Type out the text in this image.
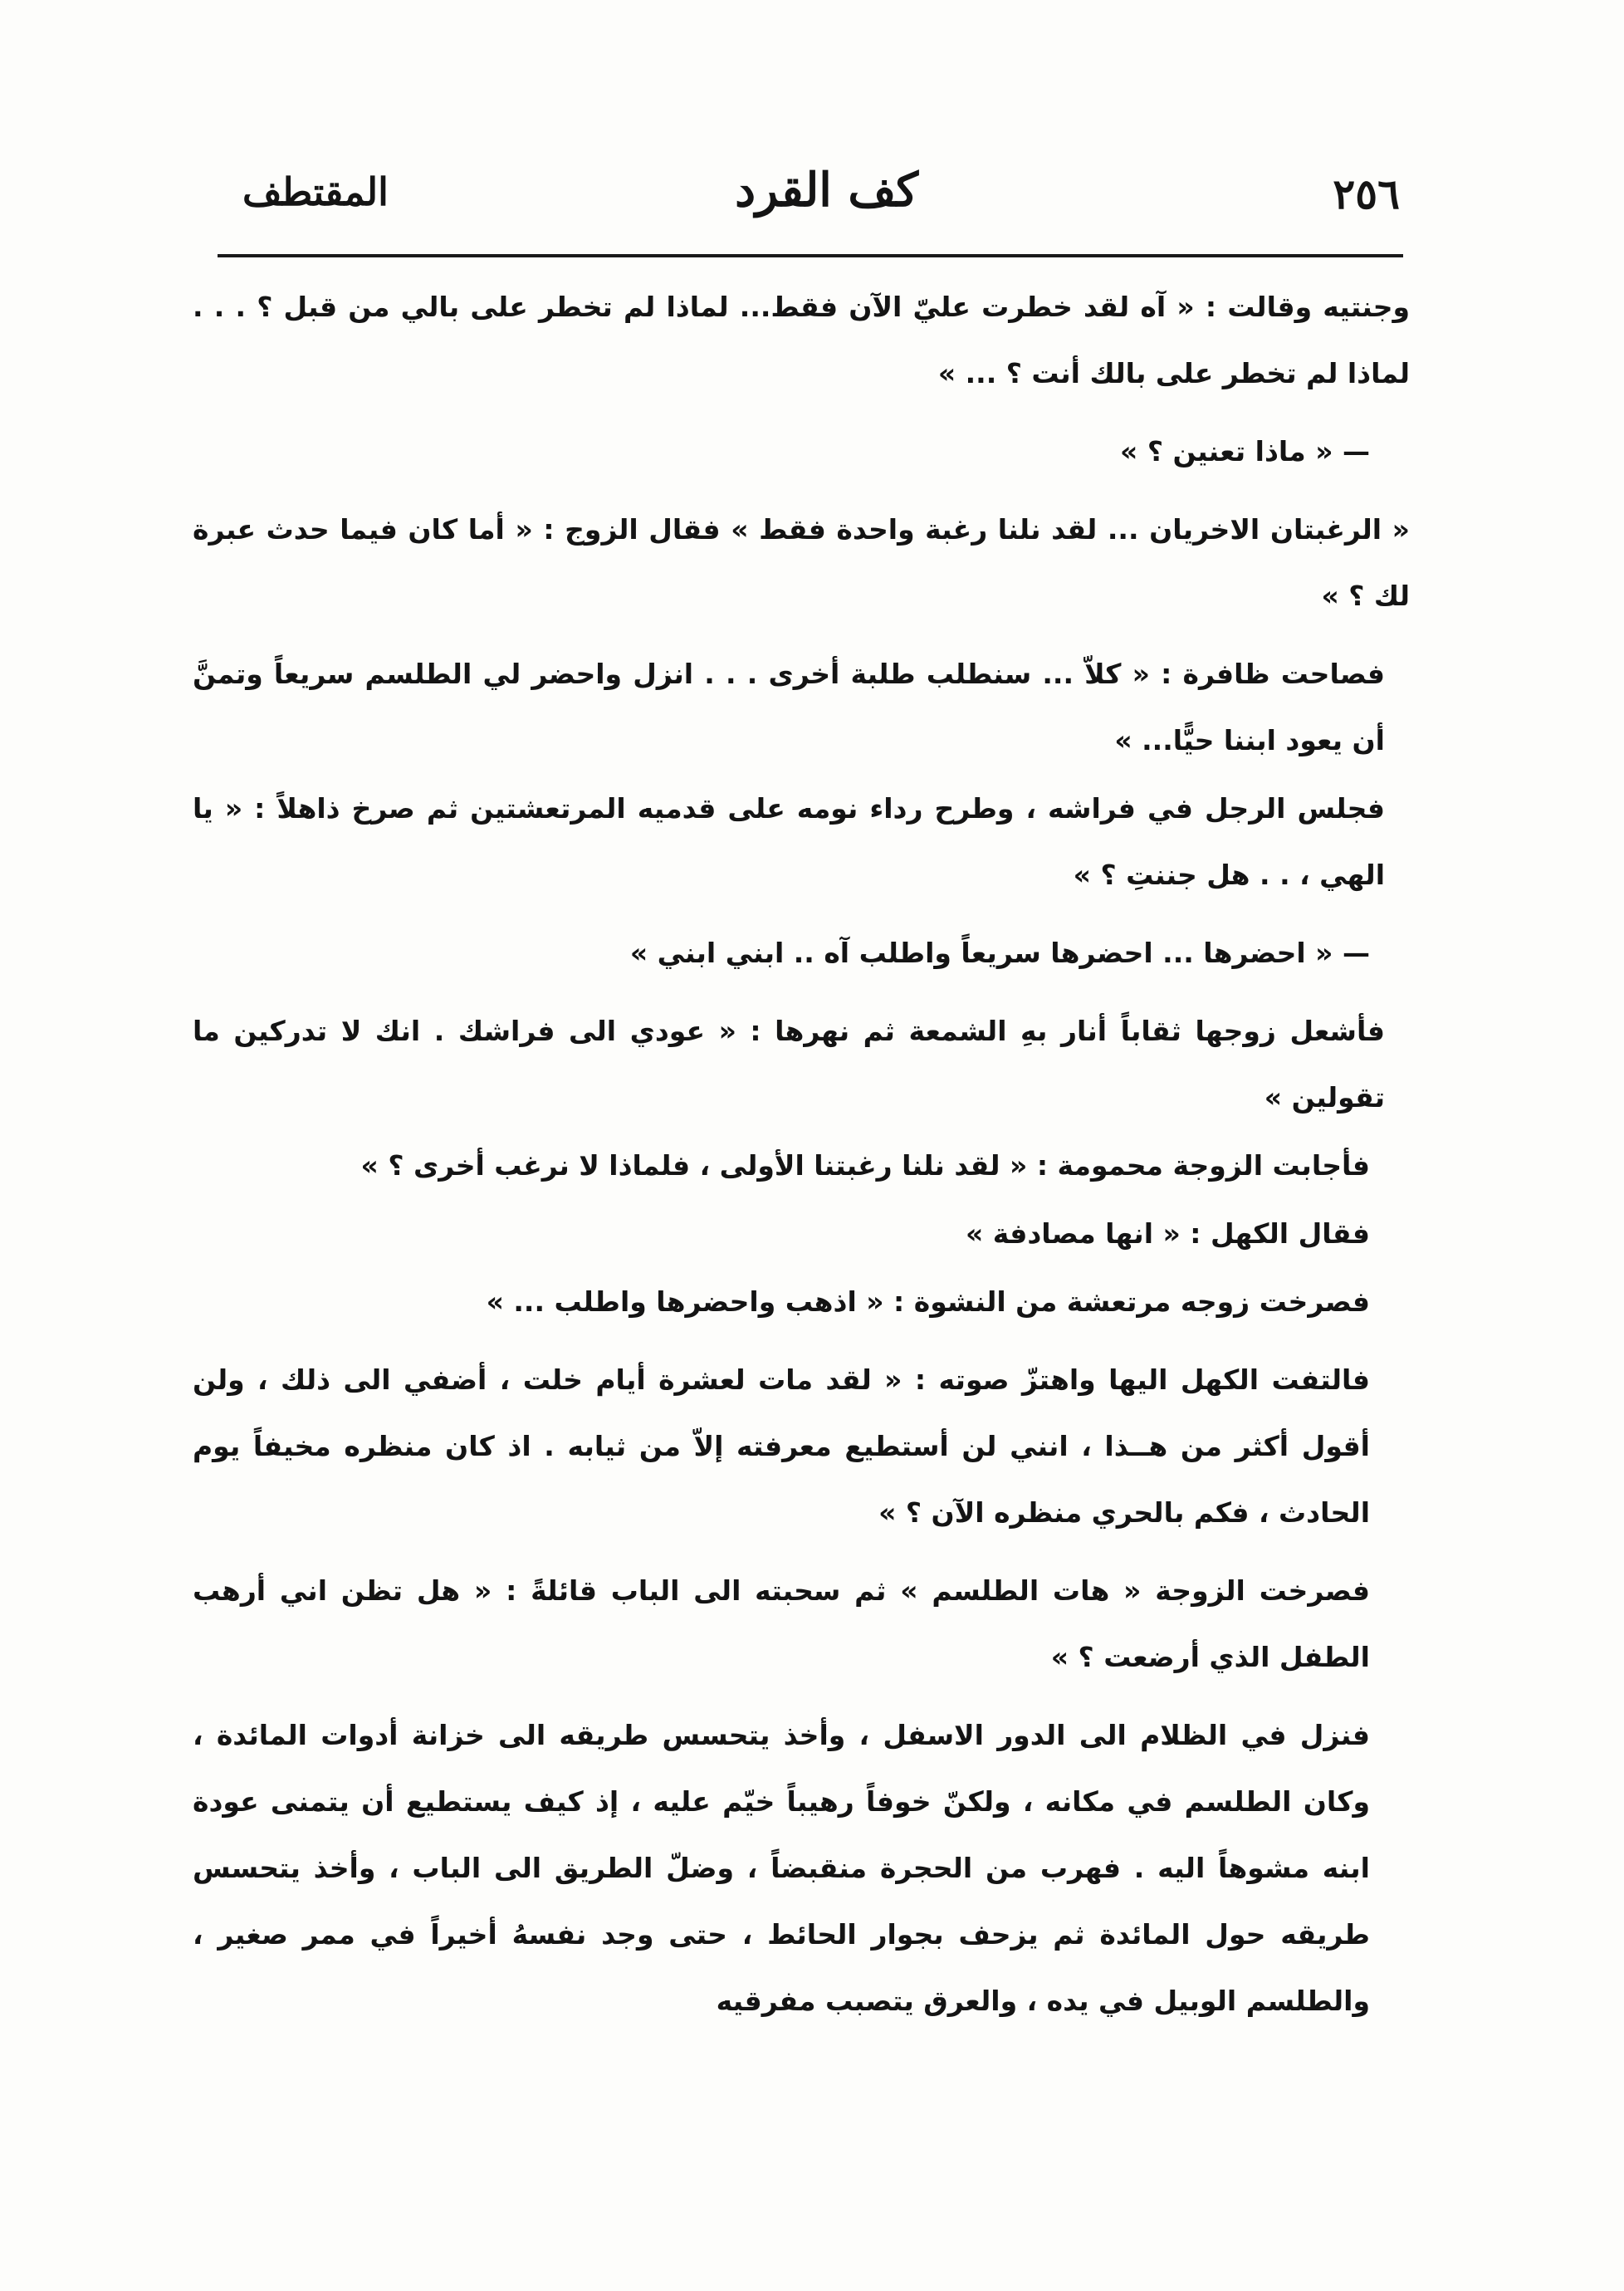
٢٥٦
كف القرد
المقتطف

وجنتيه وقالت : « آه لقد خطرت عليّ الآن فقط... لماذا لم تخطر على بالي من قبل ؟ . . . لماذا لم تخطر على بالك أنت ؟ ... »

— « ماذا تعنين ؟ »

« الرغبتان الاخريان ... لقد نلنا رغبة واحدة فقط » فقال الزوج : « أما كان فيما حدث عبرة لك ؟ »

فصاحت ظافرة : « كلاّ ... سنطلب طلبة أخرى . . . انزل واحضر لي الطلسم سريعاً وتمنَّ أن يعود ابننا حيًّا... »

فجلس الرجل في فراشه ، وطرح رداء نومه على قدميه المرتعشتين ثم صرخ ذاهلاً : « يا الهي ، . . هل جننتِ ؟ »

— « احضرها ... احضرها سريعاً واطلب آه .. ابني ابني »

فأشعل زوجها ثقاباً أنار بهِ الشمعة ثم نهرها : « عودي الى فراشك . انك لا تدركين ما تقولين »

فأجابت الزوجة محمومة : « لقد نلنا رغبتنا الأولى ، فلماذا لا نرغب أخرى ؟ »

فقال الكهل : « انها مصادفة »

فصرخت زوجه مرتعشة من النشوة : « اذهب واحضرها واطلب ... »

فالتفت الكهل اليها واهتزّ صوته : « لقد مات لعشرة أيام خلت ، أضفي الى ذلك ، ولن أقول أكثر من هــذا ، انني لن أستطيع معرفته إلاّ من ثيابه . اذ كان منظره مخيفاً يوم الحادث ، فكم بالحري منظره الآن ؟ »

فصرخت الزوجة « هات الطلسم » ثم سحبته الى الباب قائلةً : « هل تظن اني أرهب الطفل الذي أرضعت ؟ »

فنزل في الظلام الى الدور الاسفل ، وأخذ يتحسس طريقه الى خزانة أدوات المائدة ، وكان الطلسم في مكانه ، ولكنّ خوفاً رهيباً خيّم عليه ، إذ كيف يستطيع أن يتمنى عودة ابنه مشوهاً اليه . فهرب من الحجرة منقبضاً ، وضلّ الطريق الى الباب ، وأخذ يتحسس طريقه حول المائدة ثم يزحف بجوار الحائط ، حتى وجد نفسهُ أخيراً في ممر صغير ، والطلسم الوبيل في يده ، والعرق يتصبب مفرقيه
